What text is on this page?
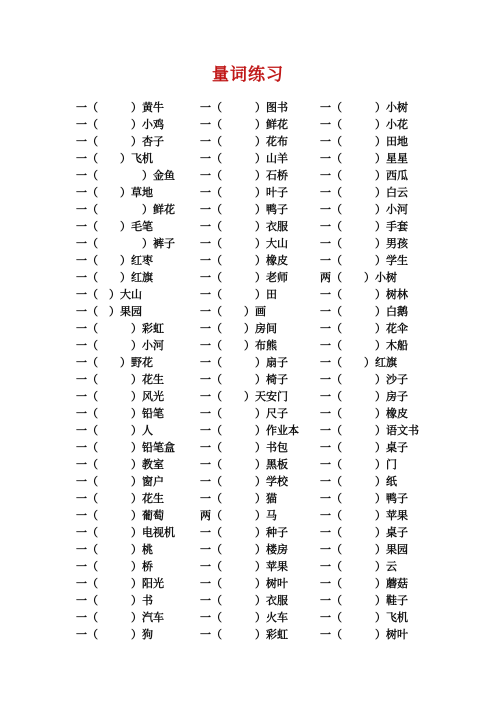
量词练习
一（　　　）黄牛	一（　　　）图书	一（　　　）小树
一（　　　）小鸡	一（　　　）鲜花	一（　　　）小花
一（　　　）杏子	一（　　　）花布	一（　　　）田地
一（　　）飞机	一（　　　）山羊	一（　　　）星星
一（　　　　）金鱼 一（　　　）石桥	一（　　　）西瓜
一（　　）草地	一（　　　）叶子	一（　　　）白云
一（　　　　）鲜花 一（　　　）鸭子	一（　　　）小河
一（　　）毛笔	一（　　　）衣服	一（　　　）手套
一（　　　　）裤子 一（　　　）大山	一（　　　）男孩
一（　　）红枣	一（　　　）橡皮	一（　　　）学生
一（　　）红旗	一（　　　）老师	两（　　）小树
一（　）大山	一（　　　）田	一（　　　）树林
一（　）果园	一（　　）画	一（　　　）白鹅
一（　　　）彩虹	一（　　）房间	一（　　　）花伞
一（　　　）小河	一（　　）布熊	一（　　　）木船
一（　　）野花	一（　　　）扇子	一（　　）红旗
一（　　　）花生	一（　　　）椅子	一（　　　）沙子
一（　　　）风光	一（　　）天安门	一（　　　）房子
一（　　　）铅笔	一（　　　）尺子	一（　　　）橡皮
一（　　　）人	一（　　　）作业本 一（　　　）语文书
一（　　　）铅笔盒 一（　　　）书包	一（　　　）桌子
一（　　　）教室	一（　　　）黑板	一（　　　）门
一（　　　）窗户	一（　　　）学校	一（　　　）纸
一（　　　）花生	一（　　　）猫	一（　　　）鸭子
一（　　　）葡萄	两（　　　）马	一（　　　）苹果
一（　　　）电视机 一（　　　）种子	一（　　　）桌子
一（　　　）桃	一（　　　）楼房	一（　　　）果园
一（　　　）桥	一（　　　）苹果	一（　　　）云
一（　　　）阳光	一（　　　）树叶	一（　　　）蘑菇
一（　　　）书	一（　　　）衣服	一（　　　）鞋子
一（　　　）汽车	一（　　　）火车	一（　　　）飞机
一（　　　）狗	一（　　　）彩虹	一（　　　）树叶
